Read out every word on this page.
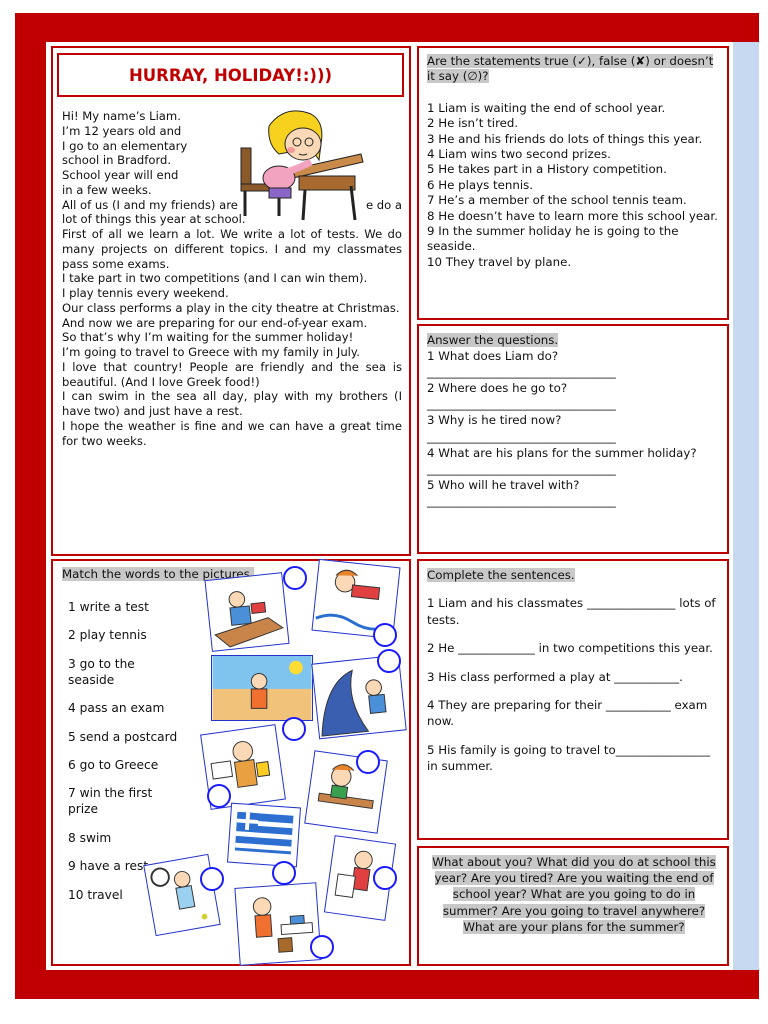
HURRAY, HOLIDAY!:)))
Hi! My name’s Liam.
I’m 12 years old and
I go to an elementary
school in Bradford.
School year will end
in a few weeks.
All of us (I and my friends) are	e do a
lot of things this year at school.
First of all we learn a lot. We write a lot of tests. We do many projects on different topics. I and my classmates pass some exams.
I take part in two competitions (and I can win them).
I play tennis every weekend.
Our class performs a play in the city theatre at Christmas.
And now we are preparing for our end-of-year exam.
So that’s why I’m waiting for the summer holiday!
I’m going to travel to Greece with my family in July.
I love that country! People are friendly and the sea is beautiful. (And I love Greek food!)
I can swim in the sea all day, play with my brothers (I have two) and just have a rest.
I hope the weather is fine and we can have a great time for two weeks.
Are the statements true (✓), false (✘) or doesn’t it say (∅)?
1 Liam is waiting the end of school year.
2 He isn’t tired.
3 He and his friends do lots of things this year.
4 Liam wins two second prizes.
5 He takes part in a History competition.
6 He plays tennis.
7 He’s a member of the school tennis team.
8 He doesn’t have to learn more this school year.
9 In the summer holiday he is going to the seaside.
10 They travel by plane.
Answer the questions.
1 What does Liam do?
________________________________
2 Where does he go to?
________________________________
3 Why is he tired now?
________________________________
4 What are his plans for the summer holiday?
________________________________
5 Who will he travel with?
________________________________
Match the words to the pictures.
1 write a test
2 play tennis
3 go to the seaside
4 pass an exam
5 send a postcard
6 go to Greece
7 win the first prize
8 swim
9 have a rest
10 travel
Complete the sentences.
1 Liam and his classmates _______________ lots of tests.
2 He _____________ in two competitions this year.
3 His class performed a play at ___________.
4 They are preparing for their ___________ exam now.
5 His family is going to travel to________________ in summer.
What about you? What did you do at school this year? Are you tired? Are you waiting the end of school year? What are you going to do in summer? Are you going to travel anywhere? What are your plans for the summer?
